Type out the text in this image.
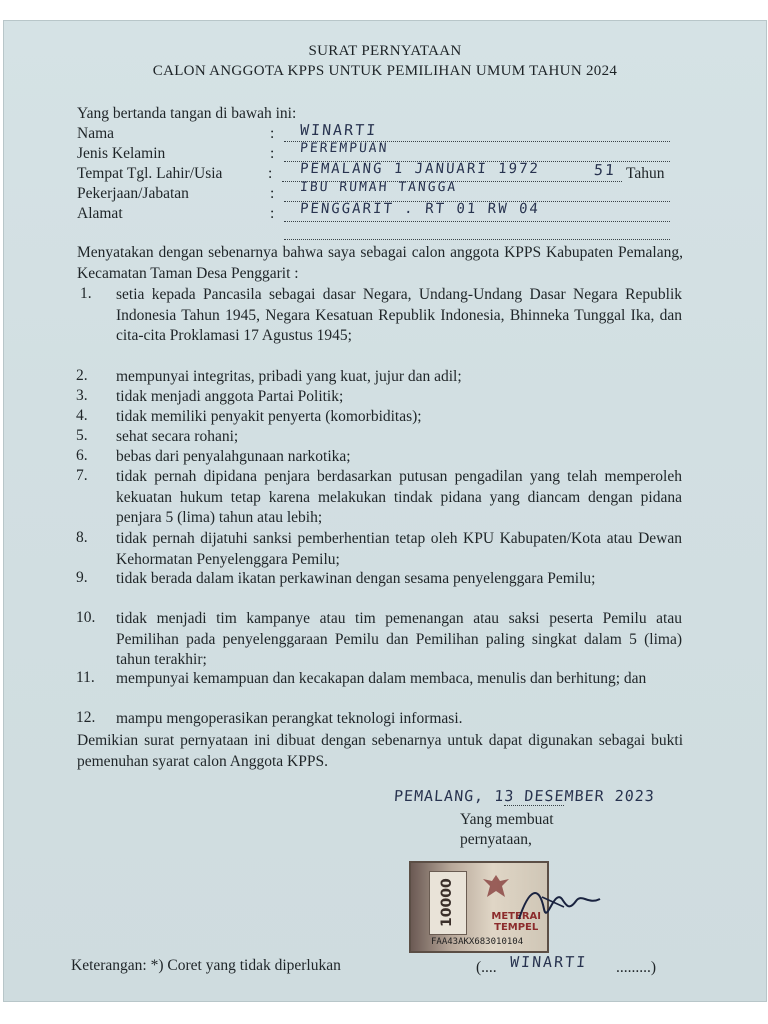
SURAT PERNYATAAN
CALON ANGGOTA KPPS UNTUK PEMILIHAN UMUM TAHUN 2024
Yang bertanda tangan di bawah ini:
Nama	: WINARTI
Jenis Kelamin	: PEREMPUAN
Tempat Tgl. Lahir/Usia	: PEMALANG 1 JANUARI 1972	51 Tahun
Pekerjaan/Jabatan	: IBU RUMAH TANGGA
Alamat	: PENGGARIT . RT 01 RW 04
Menyatakan dengan sebenarnya bahwa saya sebagai calon anggota KPPS Kabupaten Pemalang, Kecamatan Taman Desa Penggarit :
1. setia kepada Pancasila sebagai dasar Negara, Undang-Undang Dasar Negara Republik Indonesia Tahun 1945, Negara Kesatuan Republik Indonesia, Bhinneka Tunggal Ika, dan cita-cita Proklamasi 17 Agustus 1945;
2. mempunyai integritas, pribadi yang kuat, jujur dan adil;
3. tidak menjadi anggota Partai Politik;
4. tidak memiliki penyakit penyerta (komorbiditas);
5. sehat secara rohani;
6. bebas dari penyalahgunaan narkotika;
7. tidak pernah dipidana penjara berdasarkan putusan pengadilan yang telah memperoleh kekuatan hukum tetap karena melakukan tindak pidana yang diancam dengan pidana penjara 5 (lima) tahun atau lebih;
8. tidak pernah dijatuhi sanksi pemberhentian tetap oleh KPU Kabupaten/Kota atau Dewan Kehormatan Penyelenggara Pemilu;
9. tidak berada dalam ikatan perkawinan dengan sesama penyelenggara Pemilu;
10. tidak menjadi tim kampanye atau tim pemenangan atau saksi peserta Pemilu atau Pemilihan pada penyelenggaraan Pemilu dan Pemilihan paling singkat dalam 5 (lima) tahun terakhir;
11. mempunyai kemampuan dan kecakapan dalam membaca, menulis dan berhitung; dan
12. mampu mengoperasikan perangkat teknologi informasi.
Demikian surat pernyataan ini dibuat dengan sebenarnya untuk dapat digunakan sebagai bukti pemenuhan syarat calon Anggota KPPS.
PEMALANG, 13 DESEMBER 2023
Yang membuat
pernyataan,
10000	METERAI
TEMPEL
FAA43AKX683010104
Keterangan: *) Coret yang tidak diperlukan	(.... WINARTI .........)
